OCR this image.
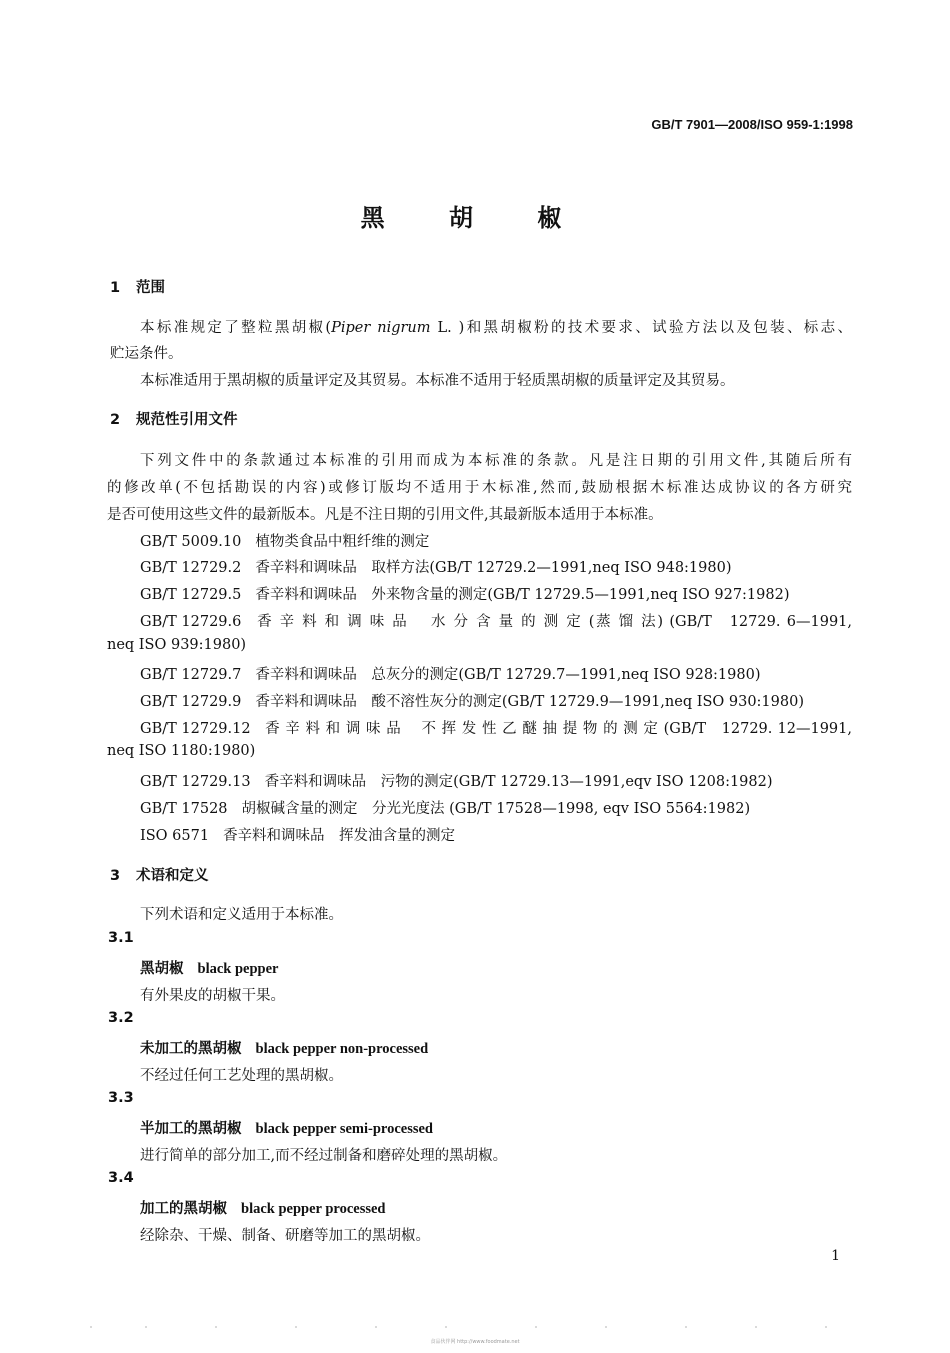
GB/T 7901—2008/ISO 959-1:1998
黑 胡 椒
1 范围
本标准规定了整粒黑胡椒(Piper nigrum L. )和黑胡椒粉的技术要求、试验方法以及包装、标志、
贮运条件。
本标准适用于黑胡椒的质量评定及其贸易。本标准不适用于轻质黑胡椒的质量评定及其贸易。
2 规范性引用文件
下列文件中的条款通过本标准的引用而成为本标准的条款。凡是注日期的引用文件,其随后所有
的修改单(不包括勘误的内容)或修订版均不适用于木标准,然而,鼓励根据木标准达成协议的各方研究
是否可使用这些文件的最新版本。凡是不注日期的引用文件,其最新版本适用于本标准。
GB/T 5009.10 植物类食品中粗纤维的测定
GB/T 12729.2 香辛料和调味品　取样方法(GB/T 12729.2—1991,neq ISO 948:1980)
GB/T 12729.5 香辛料和调味品　外来物含量的测定(GB/T 12729.5—1991,neq ISO 927:1982)
GB/T 12729.6 香 辛 料 和 调 味 品　 水 分 含 量 的 测 定 (蒸 馏 法) (GB/T　12729. 6—1991,
neq ISO 939:1980)
GB/T 12729.7 香辛料和调味品　总灰分的测定(GB/T 12729.7—1991,neq ISO 928:1980)
GB/T 12729.9 香辛料和调味品　酸不溶性灰分的测定(GB/T 12729.9—1991,neq ISO 930:1980)
GB/T 12729.12 香 辛 料 和 调 味 品　 不 挥 发 性 乙 醚 抽 提 物 的 测 定 (GB/T　12729. 12—1991,
neq ISO 1180:1980)
GB/T 12729.13 香辛料和调味品　污物的测定(GB/T 12729.13—1991,eqv ISO 1208:1982)
GB/T 17528 胡椒碱含量的测定　分光光度法 (GB/T 17528—1998, eqv ISO 5564:1982)
ISO 6571 香辛料和调味品　挥发油含量的测定
3 术语和定义
下列术语和定义适用于本标准。
3.1
黑胡椒 black pepper
有外果皮的胡椒干果。
3.2
未加工的黑胡椒 black pepper non-processed
不经过任何工艺处理的黑胡椒。
3.3
半加工的黑胡椒 black pepper semi-processed
进行简单的部分加工,而不经过制备和磨碎处理的黑胡椒。
3.4
加工的黑胡椒 black pepper processed
经除杂、干燥、制备、研磨等加工的黑胡椒。
1
食品伙伴网 http://www.foodmate.net
